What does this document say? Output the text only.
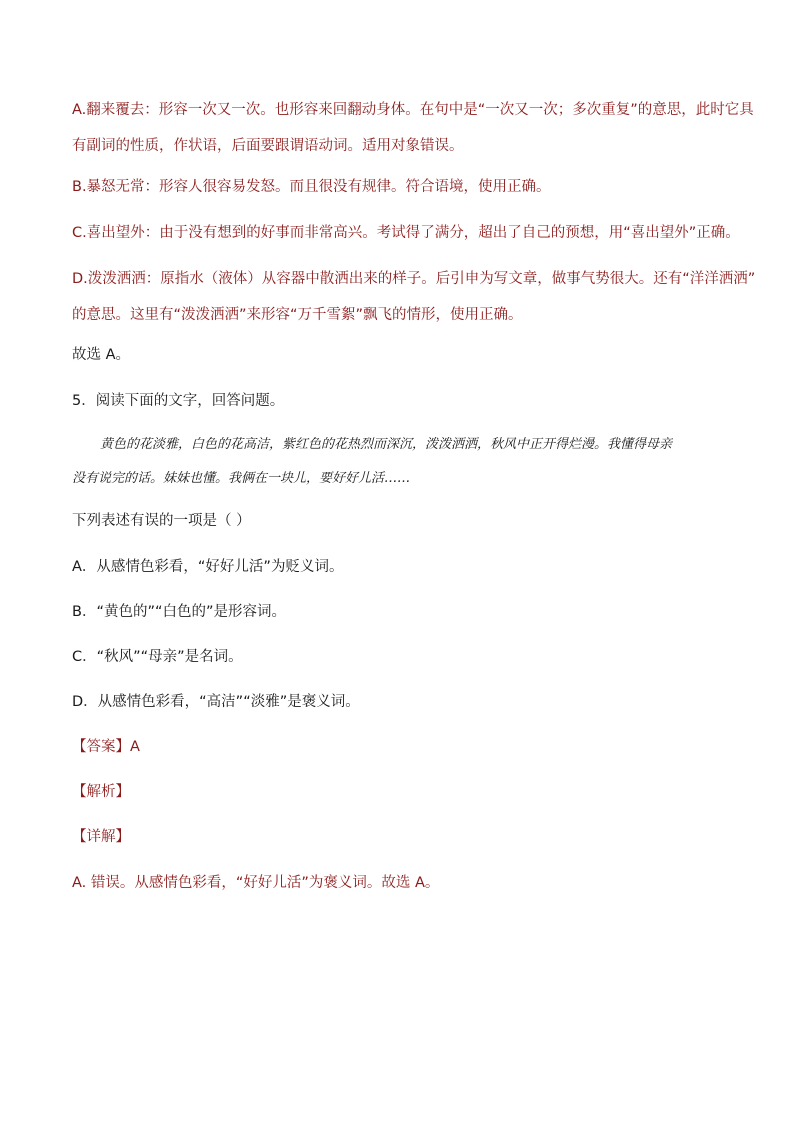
A.翻来覆去：形容一次又一次。也形容来回翻动身体。在句中是“一次又一次；多次重复”的意思，此时它具
有副词的性质，作状语，后面要跟谓语动词。适用对象错误。
B.暴怒无常：形容人很容易发怒。而且很没有规律。符合语境，使用正确。
C.喜出望外：由于没有想到的好事而非常高兴。考试得了满分，超出了自己的预想，用“喜出望外”正确。
D.泼泼洒洒：原指水（液体）从容器中散洒出来的样子。后引申为写文章，做事气势很大。还有“洋洋洒洒”
的意思。这里有“泼泼洒洒”来形容“万千雪絮”飘飞的情形，使用正确。
故选 A。
5．阅读下面的文字，回答问题。
黄色的花淡雅，白色的花高洁，紫红色的花热烈而深沉，泼泼洒洒，秋风中正开得烂漫。我懂得母亲
没有说完的话。妹妹也懂。我俩在一块儿，要好好儿活……
下列表述有误的一项是（ ）
A．从感情色彩看，“好好儿活”为贬义词。
B．“黄色的”“白色的”是形容词。
C．“秋风”“母亲”是名词。
D．从感情色彩看，“高洁”“淡雅”是褒义词。
【答案】A
【解析】
【详解】
A. 错误。从感情色彩看，“好好儿活”为褒义词。故选 A。
